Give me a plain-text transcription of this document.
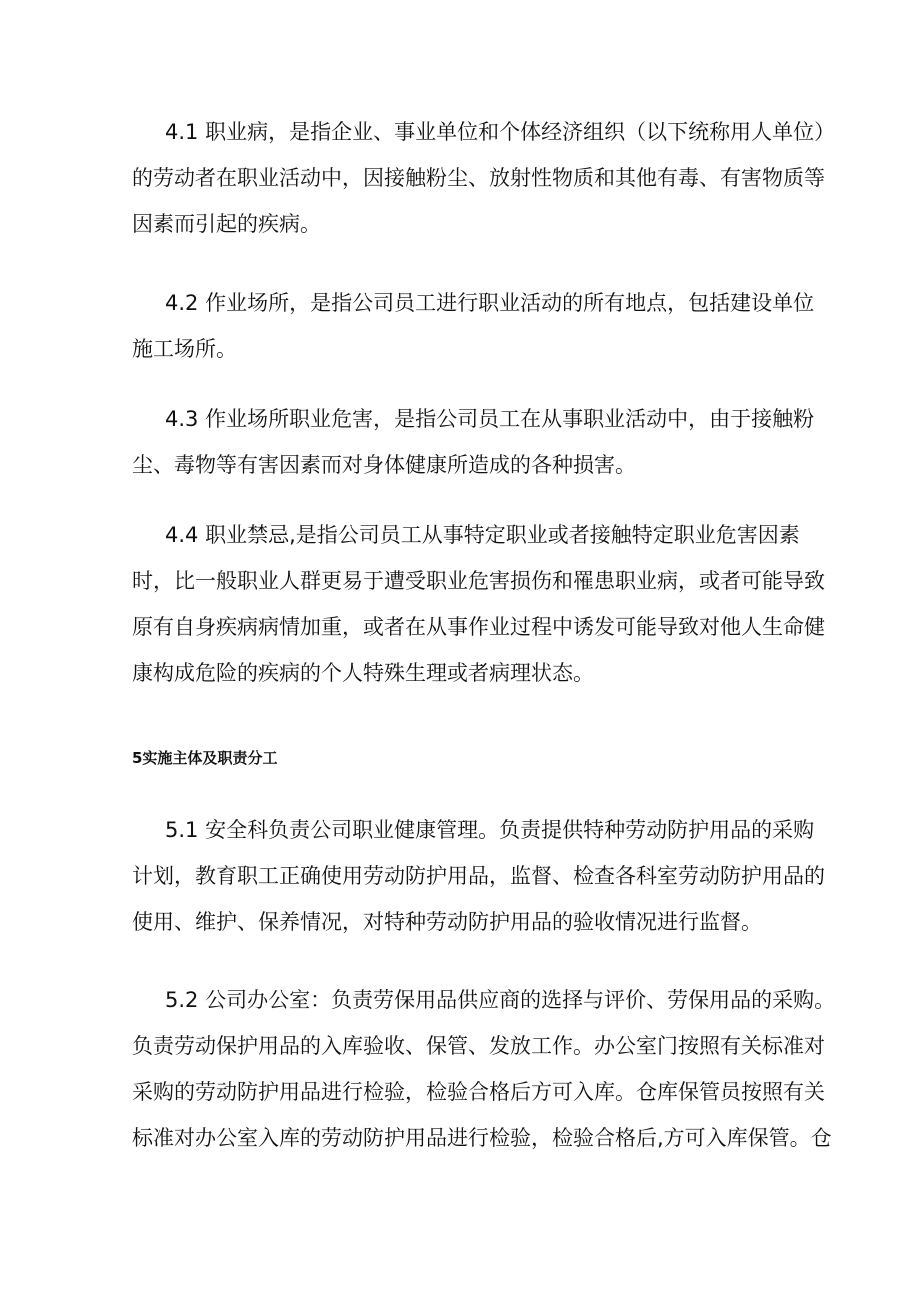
4.1 职业病，是指企业、事业单位和个体经济组织（以下统称用人单位）
的劳动者在职业活动中，因接触粉尘、放射性物质和其他有毒、有害物质等
因素而引起的疾病。

4.2 作业场所，是指公司员工进行职业活动的所有地点，包括建设单位
施工场所。

4.3 作业场所职业危害，是指公司员工在从事职业活动中，由于接触粉
尘、毒物等有害因素而对身体健康所造成的各种损害。

4.4 职业禁忌,是指公司员工从事特定职业或者接触特定职业危害因素
时，比一般职业人群更易于遭受职业危害损伤和罹患职业病，或者可能导致
原有自身疾病病情加重，或者在从事作业过程中诱发可能导致对他人生命健
康构成危险的疾病的个人特殊生理或者病理状态。

5实施主体及职责分工

5.1 安全科负责公司职业健康管理。负责提供特种劳动防护用品的采购
计划，教育职工正确使用劳动防护用品，监督、检查各科室劳动防护用品的
使用、维护、保养情况，对特种劳动防护用品的验收情况进行监督。

5.2 公司办公室：负责劳保用品供应商的选择与评价、劳保用品的采购。
负责劳动保护用品的入库验收、保管、发放工作。办公室门按照有关标准对
采购的劳动防护用品进行检验，检验合格后方可入库。仓库保管员按照有关
标准对办公室入库的劳动防护用品进行检验，检验合格后,方可入库保管。仓
